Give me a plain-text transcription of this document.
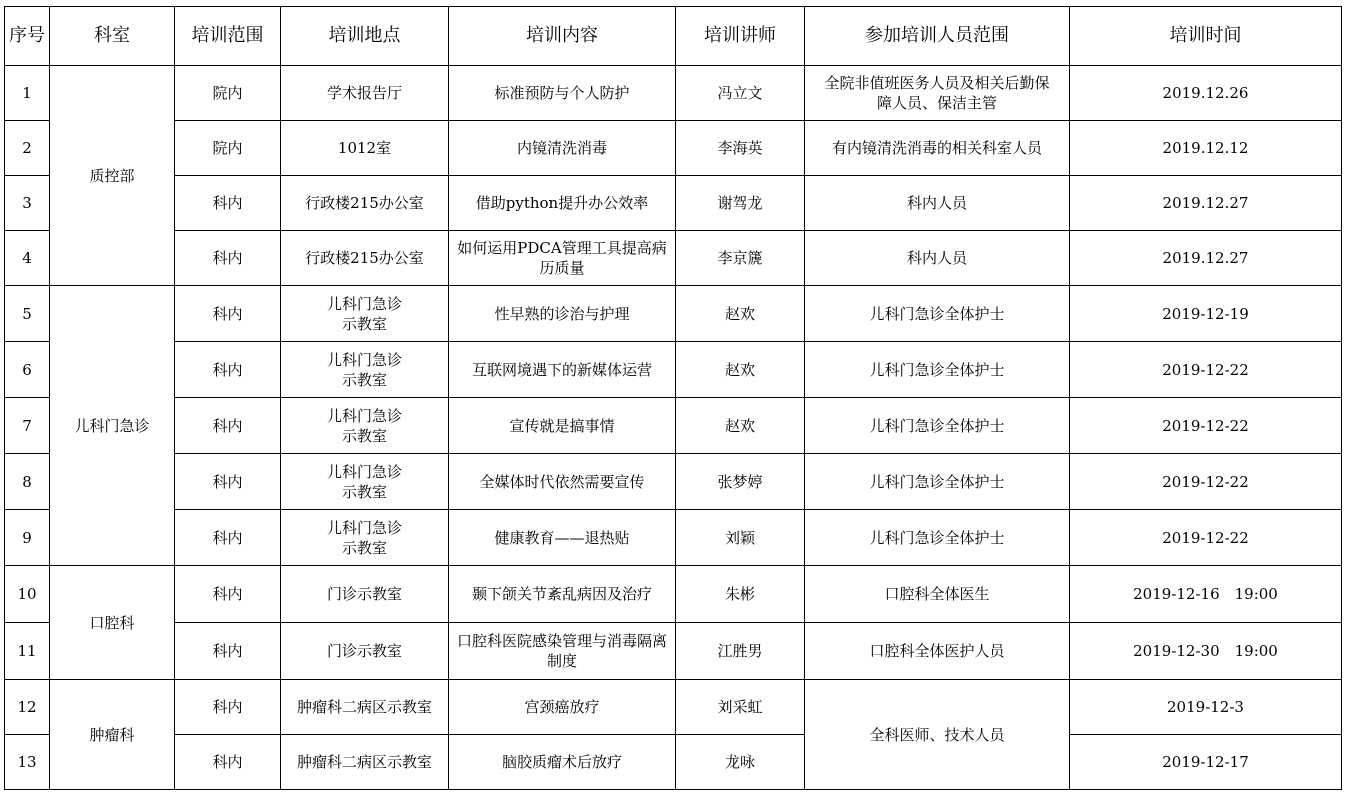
序号	科室	培训范围	培训地点	培训内容	培训讲师	参加培训人员范围	培训时间
1	质控部	院内	学术报告厅	标准预防与个人防护	冯立文	全院非值班医务人员及相关后勤保障人员、保洁主管	2019.12.26
2		院内	1012室	内镜清洗消毒	李海英	有内镜清洗消毒的相关科室人员	2019.12.12
3		科内	行政楼215办公室	借助python提升办公效率	谢驾龙	科内人员	2019.12.27
4		科内	行政楼215办公室	如何运用PDCA管理工具提高病历质量	李京篪	科内人员	2019.12.27
5	儿科门急诊	科内	儿科门急诊示教室	性早熟的诊治与护理	赵欢	儿科门急诊全体护士	2019-12-19
6		科内	儿科门急诊示教室	互联网境遇下的新媒体运营	赵欢	儿科门急诊全体护士	2019-12-22
7		科内	儿科门急诊示教室	宣传就是搞事情	赵欢	儿科门急诊全体护士	2019-12-22
8		科内	儿科门急诊示教室	全媒体时代依然需要宣传	张梦婷	儿科门急诊全体护士	2019-12-22
9		科内	儿科门急诊示教室	健康教育——退热贴	刘颖	儿科门急诊全体护士	2019-12-22
10	口腔科	科内	门诊示教室	颞下颌关节紊乱病因及治疗	朱彬	口腔科全体医生	2019-12-16　19:00
11		科内	门诊示教室	口腔科医院感染管理与消毒隔离制度	江胜男	口腔科全体医护人员	2019-12-30　19:00
12	肿瘤科	科内	肿瘤科二病区示教室	宫颈癌放疗	刘采虹	全科医师、技术人员	2019-12-3
13		科内	肿瘤科二病区示教室	脑胶质瘤术后放疗	龙咏		2019-12-17
